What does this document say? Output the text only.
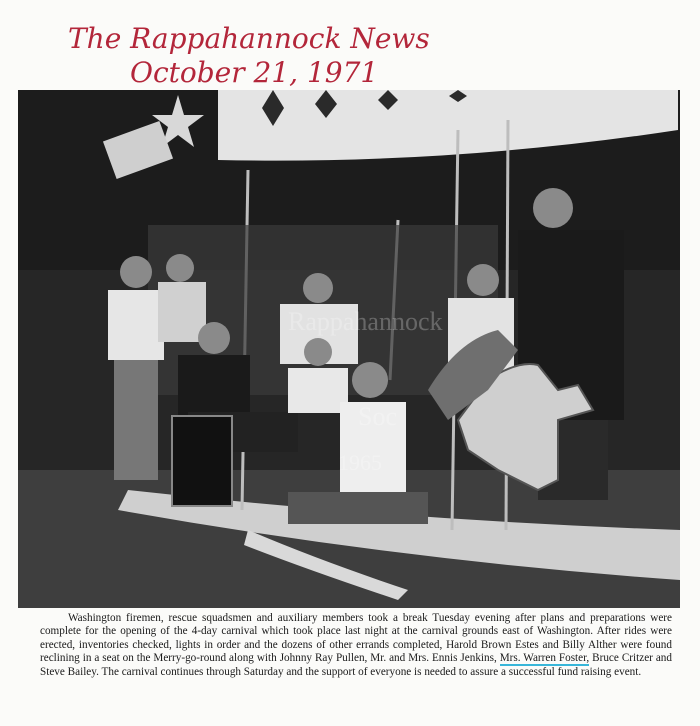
The Rappahannock News
October 21, 1971
Rappahannock
Soc
1965
Washington firemen, rescue squadsmen and auxiliary members took a break Tuesday evening after plans and preparations were complete for the opening of the 4-day carnival which took place last night at the carnival grounds east of Washington. After rides were erected, inventories checked, lights in order and the dozens of other errands completed, Harold Brown Estes and Billy Alther were found reclining in a seat on the Merry-go-round along with Johnny Ray Pullen, Mr. and Mrs. Ennis Jenkins, Mrs. Warren Foster, Bruce Critzer and Steve Bailey. The carnival continues through Saturday and the support of everyone is needed to assure a successful fund raising event.
